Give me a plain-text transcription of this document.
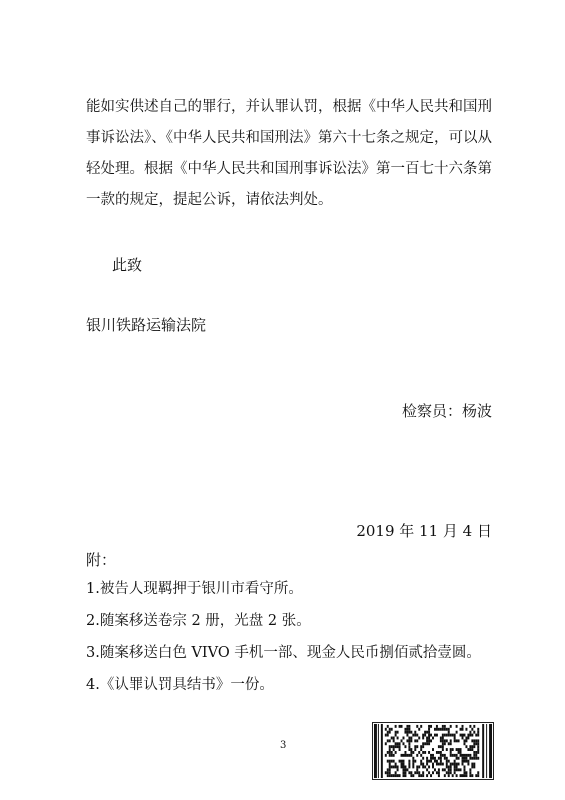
能如实供述自己的罪行，并认罪认罚，根据《中华人民共和国刑
事诉讼法》、《中华人民共和国刑法》第六十七条之规定，可以从
轻处理。根据《中华人民共和国刑事诉讼法》第一百七十六条第
一款的规定，提起公诉，请依法判处。

此致

银川铁路运输法院

检察员：杨波

2019 年 11 月 4 日

附：

1.被告人现羁押于银川市看守所。
2.随案移送卷宗 2 册，光盘 2 张。
3.随案移送白色 VIVO 手机一部、现金人民币捌佰贰拾壹圆。
4.《认罪认罚具结书》一份。

3
